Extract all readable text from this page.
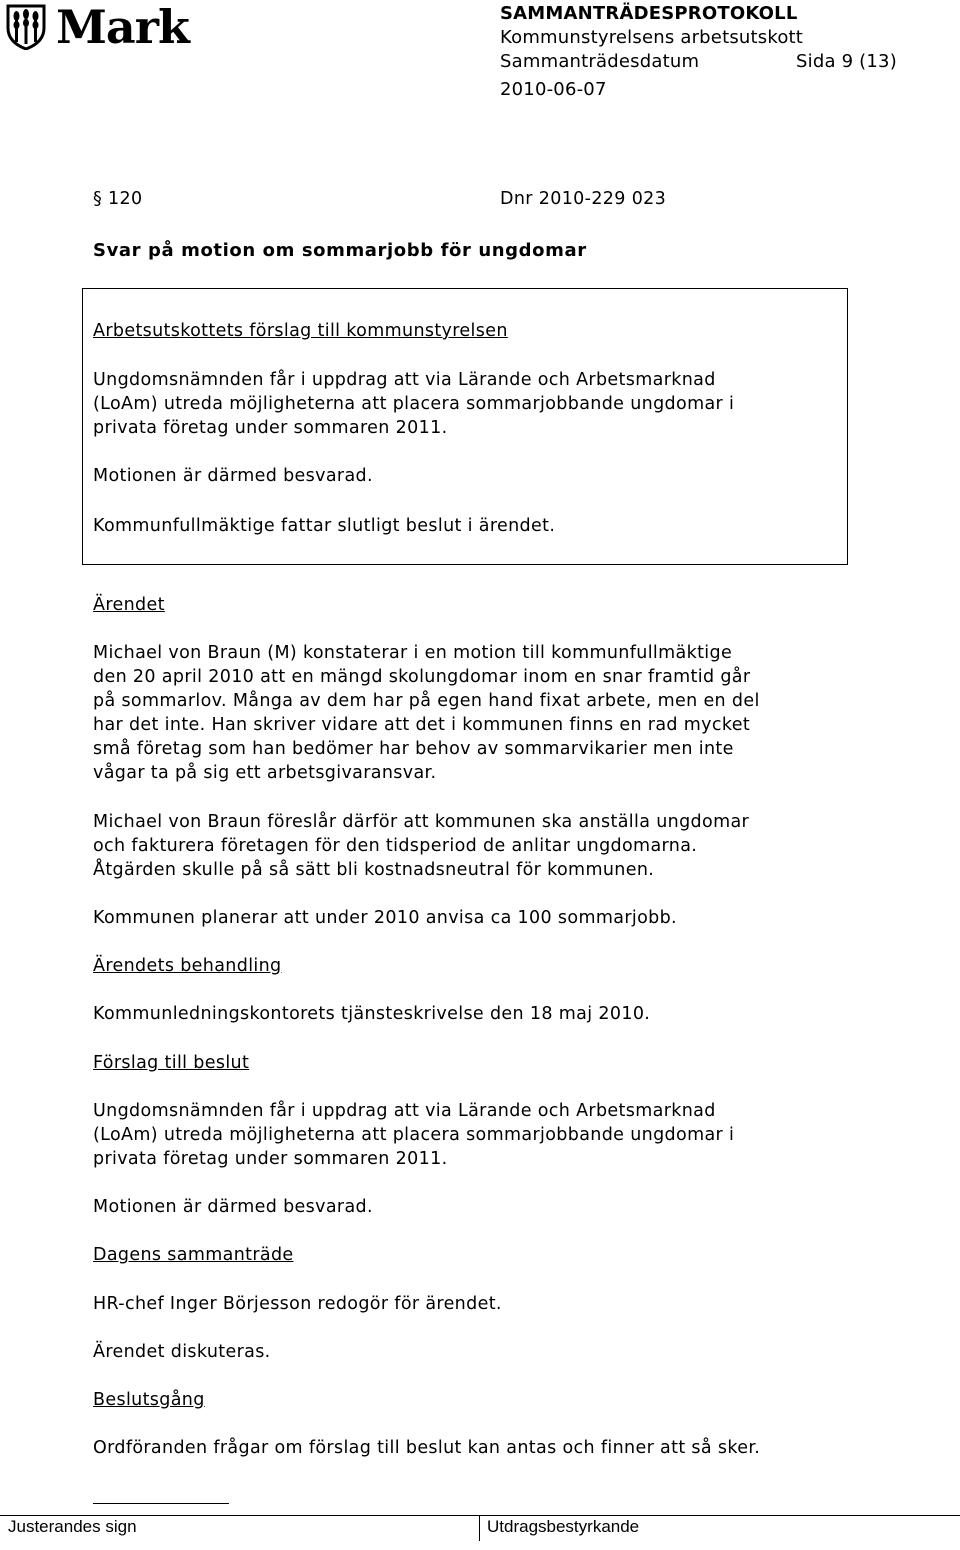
Mark	SAMMANTRÄDESPROTOKOLL
Kommunstyrelsens arbetsutskott
Sammanträdesdatum	Sida 9 (13)
2010-06-07
§ 120	Dnr 2010-229 023
Svar på motion om sommarjobb för ungdomar
Arbetsutskottets förslag till kommunstyrelsen
Ungdomsnämnden får i uppdrag att via Lärande och Arbetsmarknad
(LoAm) utreda möjligheterna att placera sommarjobbande ungdomar i
privata företag under sommaren 2011.
Motionen är därmed besvarad.
Kommunfullmäktige fattar slutligt beslut i ärendet.
Ärendet
Michael von Braun (M) konstaterar i en motion till kommunfullmäktige
den 20 april 2010 att en mängd skolungdomar inom en snar framtid går
på sommarlov. Många av dem har på egen hand fixat arbete, men en del
har det inte. Han skriver vidare att det i kommunen finns en rad mycket
små företag som han bedömer har behov av sommarvikarier men inte
vågar ta på sig ett arbetsgivaransvar.
Michael von Braun föreslår därför att kommunen ska anställa ungdomar
och fakturera företagen för den tidsperiod de anlitar ungdomarna.
Åtgärden skulle på så sätt bli kostnadsneutral för kommunen.
Kommunen planerar att under 2010 anvisa ca 100 sommarjobb.
Ärendets behandling
Kommunledningskontorets tjänsteskrivelse den 18 maj 2010.
Förslag till beslut
Ungdomsnämnden får i uppdrag att via Lärande och Arbetsmarknad
(LoAm) utreda möjligheterna att placera sommarjobbande ungdomar i
privata företag under sommaren 2011.
Motionen är därmed besvarad.
Dagens sammanträde
HR-chef Inger Börjesson redogör för ärendet.
Ärendet diskuteras.
Beslutsgång
Ordföranden frågar om förslag till beslut kan antas och finner att så sker.
Justerandes sign	Utdragsbestyrkande
